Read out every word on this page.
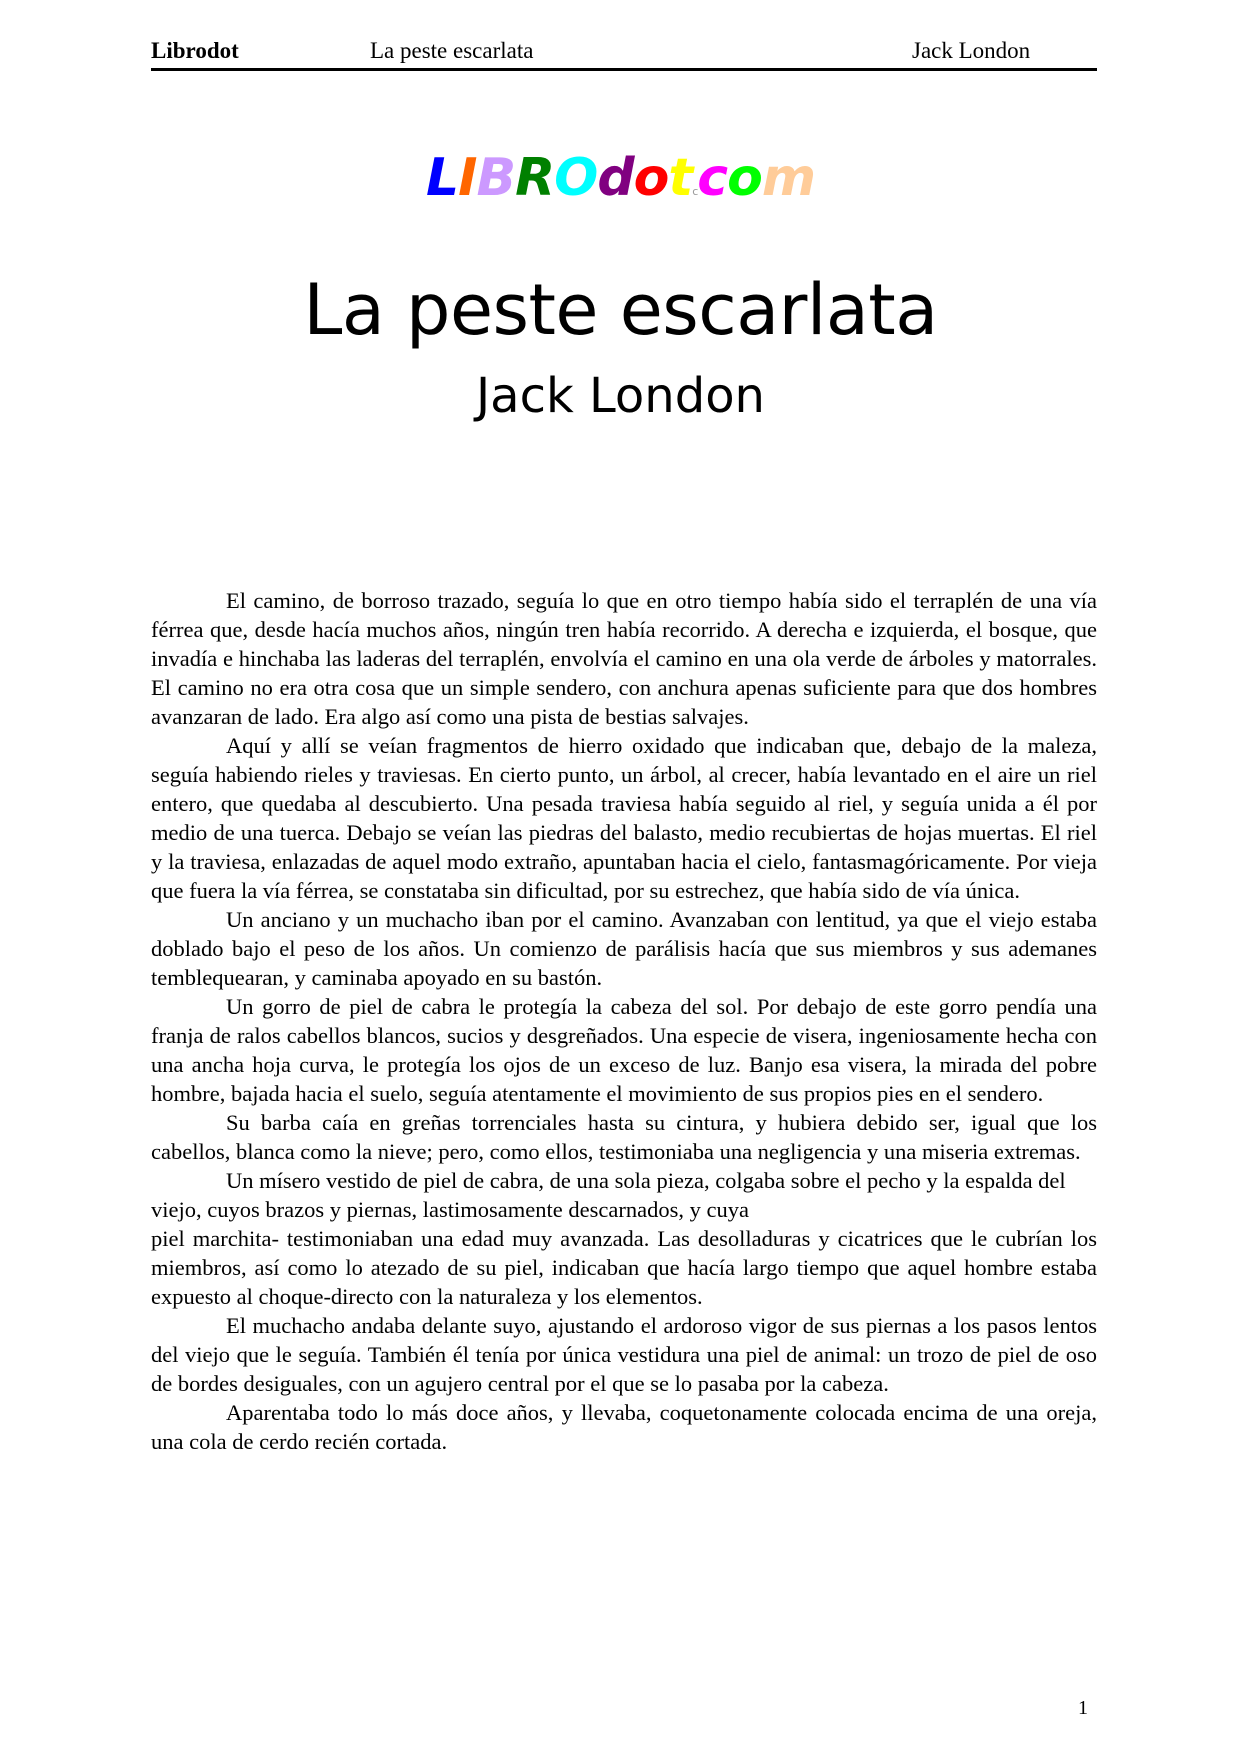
Librodot	La peste escarlata	Jack London
LIBROdotccom
La peste escarlata
Jack London

El camino, de borroso trazado, seguía lo que en otro tiempo había sido el terraplén de una vía férrea que, desde hacía muchos años, ningún tren había recorrido. A derecha e izquierda, el bosque, que invadía e hinchaba las laderas del terraplén, envolvía el camino en una ola verde de árboles y matorrales. El camino no era otra cosa que un simple sendero, con anchura apenas suficiente para que dos hombres avanzaran de lado. Era algo así como una pista de bestias salvajes.

Aquí y allí se veían fragmentos de hierro oxidado que indicaban que, debajo de la maleza, seguía habiendo rieles y traviesas. En cierto punto, un árbol, al crecer, había levantado en el aire un riel entero, que quedaba al descubierto. Una pesada traviesa había seguido al riel, y seguía unida a él por medio de una tuerca. Debajo se veían las piedras del balasto, medio recubiertas de hojas muertas. El riel y la traviesa, enlazadas de aquel modo extraño, apuntaban hacia el cielo, fantasmagóricamente. Por vieja que fuera la vía férrea, se constataba sin dificultad, por su estrechez, que había sido de vía única.

Un anciano y un muchacho iban por el camino. Avanzaban con lentitud, ya que el viejo estaba doblado bajo el peso de los años. Un comienzo de parálisis hacía que sus miembros y sus ademanes temblequearan, y caminaba apoyado en su bastón.

Un gorro de piel de cabra le protegía la cabeza del sol. Por debajo de este gorro pendía una franja de ralos cabellos blancos, sucios y desgreñados. Una especie de visera, ingeniosamente hecha con una ancha hoja curva, le protegía los ojos de un exceso de luz. Banjo esa visera, la mirada del pobre hombre, bajada hacia el suelo, seguía atentamente el movimiento de sus propios pies en el sendero.

Su barba caía en greñas torrenciales hasta su cintura, y hubiera debido ser, igual que los cabellos, blanca como la nieve; pero, como ellos, testimoniaba una negligencia y una miseria extremas.

Un mísero vestido de piel de cabra, de una sola pieza, colgaba sobre el pecho y la espalda del viejo, cuyos brazos y piernas, lastimosamente descarnados, y cuya

piel marchita- testimoniaban una edad muy avanzada. Las desolladuras y cicatrices que le cubrían los miembros, así como lo atezado de su piel, indicaban que hacía largo tiempo que aquel hombre estaba expuesto al choque-directo con la naturaleza y los elementos.

El muchacho andaba delante suyo, ajustando el ardoroso vigor de sus piernas a los pasos lentos del viejo que le seguía. También él tenía por única vestidura una piel de animal: un trozo de piel de oso de bordes desiguales, con un agujero central por el que se lo pasaba por la cabeza.

Aparentaba todo lo más doce años, y llevaba, coquetonamente colocada encima de una oreja, una cola de cerdo recién cortada.

1
